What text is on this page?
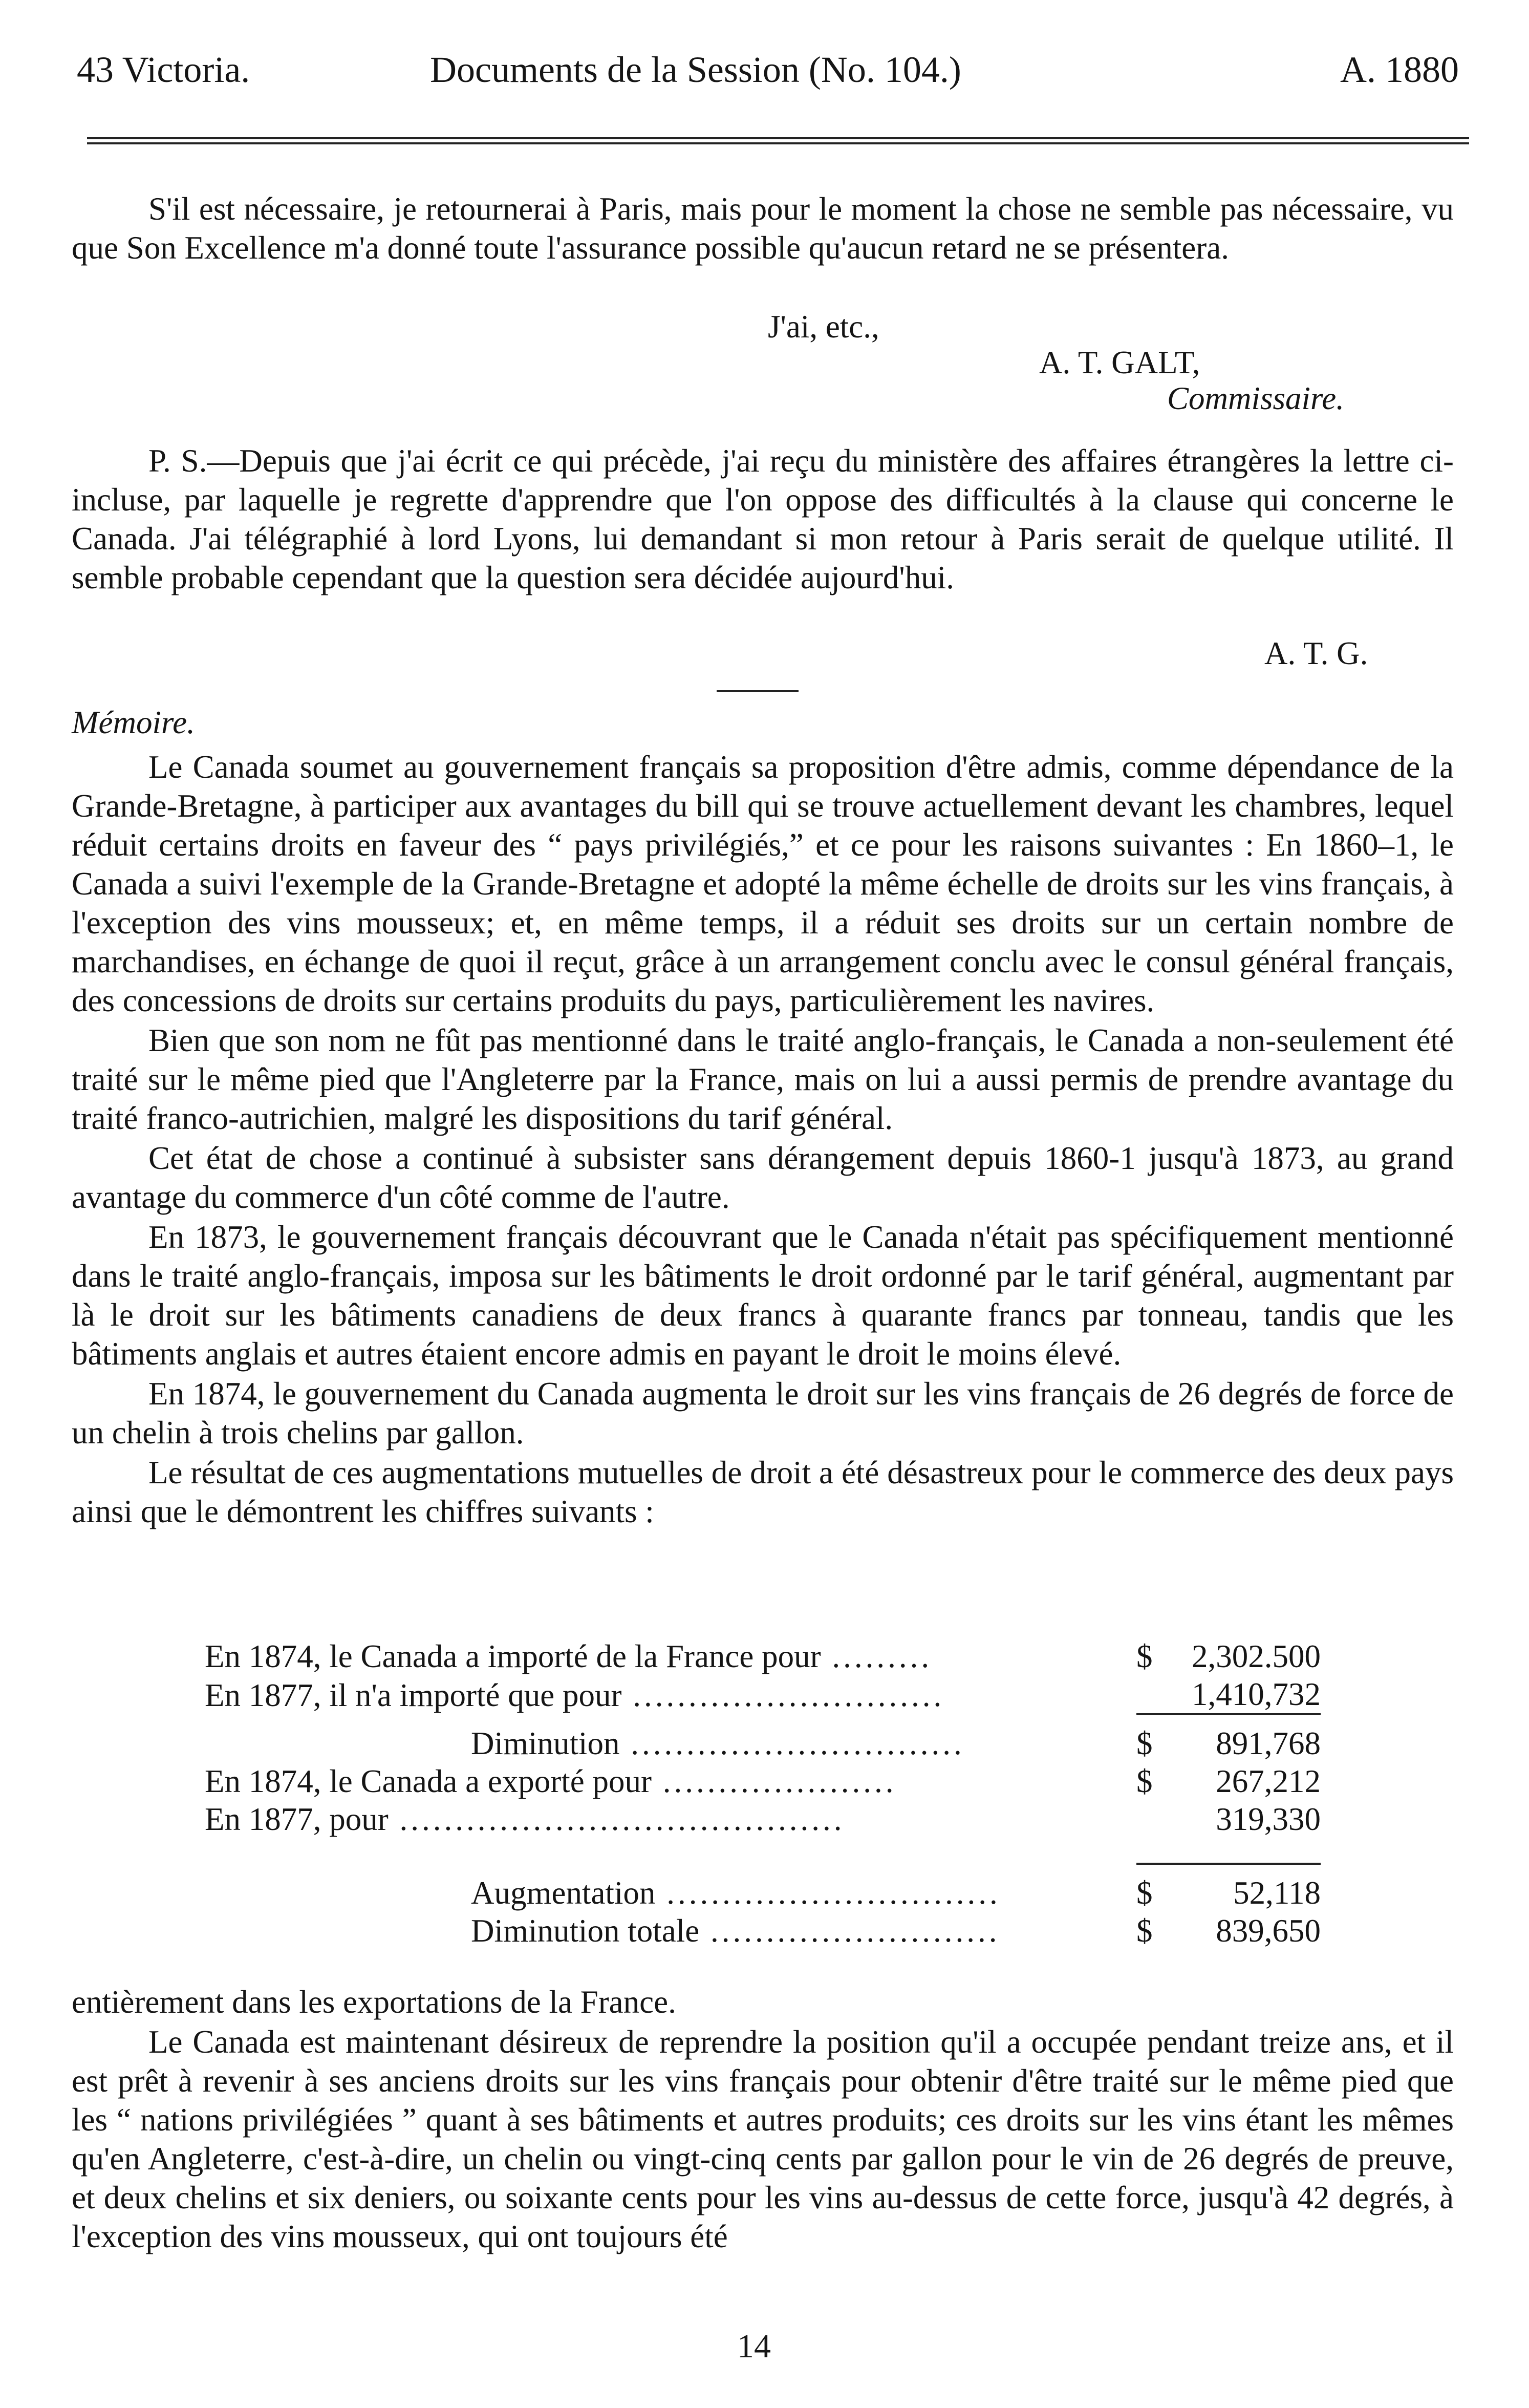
43 Victoria.	Documents de la Session (No. 104.)	A. 1880

S'il est nécessaire, je retournerai à Paris, mais pour le moment la chose ne semble pas nécessaire, vu que Son Excellence m'a donné toute l'assurance possible qu'aucun retard ne se présentera.

J'ai, etc.,
A. T. GALT,
Commissaire.

P. S.—Depuis que j'ai écrit ce qui précède, j'ai reçu du ministère des affaires étrangères la lettre ci-incluse, par laquelle je regrette d'apprendre que l'on oppose des difficultés à la clause qui concerne le Canada. J'ai télégraphié à lord Lyons, lui demandant si mon retour à Paris serait de quelque utilité. Il semble probable cependant que la question sera décidée aujourd'hui.

A. T. G.
Mémoire.

Le Canada soumet au gouvernement français sa proposition d'être admis, comme dépendance de la Grande-Bretagne, à participer aux avantages du bill qui se trouve actuellement devant les chambres, lequel réduit certains droits en faveur des “ pays privilégiés,” et ce pour les raisons suivantes : En 1860–1, le Canada a suivi l'exemple de la Grande-Bretagne et adopté la même échelle de droits sur les vins français, à l'exception des vins mousseux; et, en même temps, il a réduit ses droits sur un certain nombre de marchandises, en échange de quoi il reçut, grâce à un arrangement conclu avec le consul général français, des concessions de droits sur certains produits du pays, particulièrement les navires.

Bien que son nom ne fût pas mentionné dans le traité anglo-français, le Canada a non-seulement été traité sur le même pied que l'Angleterre par la France, mais on lui a aussi permis de prendre avantage du traité franco-autrichien, malgré les dispositions du tarif général.

Cet état de chose a continué à subsister sans dérangement depuis 1860-1 jusqu'à 1873, au grand avantage du commerce d'un côté comme de l'autre.

En 1873, le gouvernement français découvrant que le Canada n'était pas spécifiquement mentionné dans le traité anglo-français, imposa sur les bâtiments le droit ordonné par le tarif général, augmentant par là le droit sur les bâtiments canadiens de deux francs à quarante francs par tonneau, tandis que les bâtiments anglais et autres étaient encore admis en payant le droit le moins élevé.

En 1874, le gouvernement du Canada augmenta le droit sur les vins français de 26 degrés de force de un chelin à trois chelins par gallon.

Le résultat de ces augmentations mutuelles de droit a été désastreux pour le commerce des deux pays ainsi que le démontrent les chiffres suivants :

En 1874, le Canada a importé de la France pour .........	$	2,302.500
En 1877, il n'a importé que pour ............................		1,410,732

Diminution ..............................	$	891,768
En 1874, le Canada a exporté pour .....................	$	267,212
En 1877, pour ........................................		319,330

Augmentation ..............................	$	52,118
Diminution totale ..........................	$	839,650

entièrement dans les exportations de la France.

Le Canada est maintenant désireux de reprendre la position qu'il a occupée pendant treize ans, et il est prêt à revenir à ses anciens droits sur les vins français pour obtenir d'être traité sur le même pied que les “ nations privilégiées ” quant à ses bâtiments et autres produits; ces droits sur les vins étant les mêmes qu'en Angleterre, c'est-à-dire, un chelin ou vingt-cinq cents par gallon pour le vin de 26 degrés de preuve, et deux chelins et six deniers, ou soixante cents pour les vins au-dessus de cette force, jusqu'à 42 degrés, à l'exception des vins mousseux, qui ont toujours été

14
